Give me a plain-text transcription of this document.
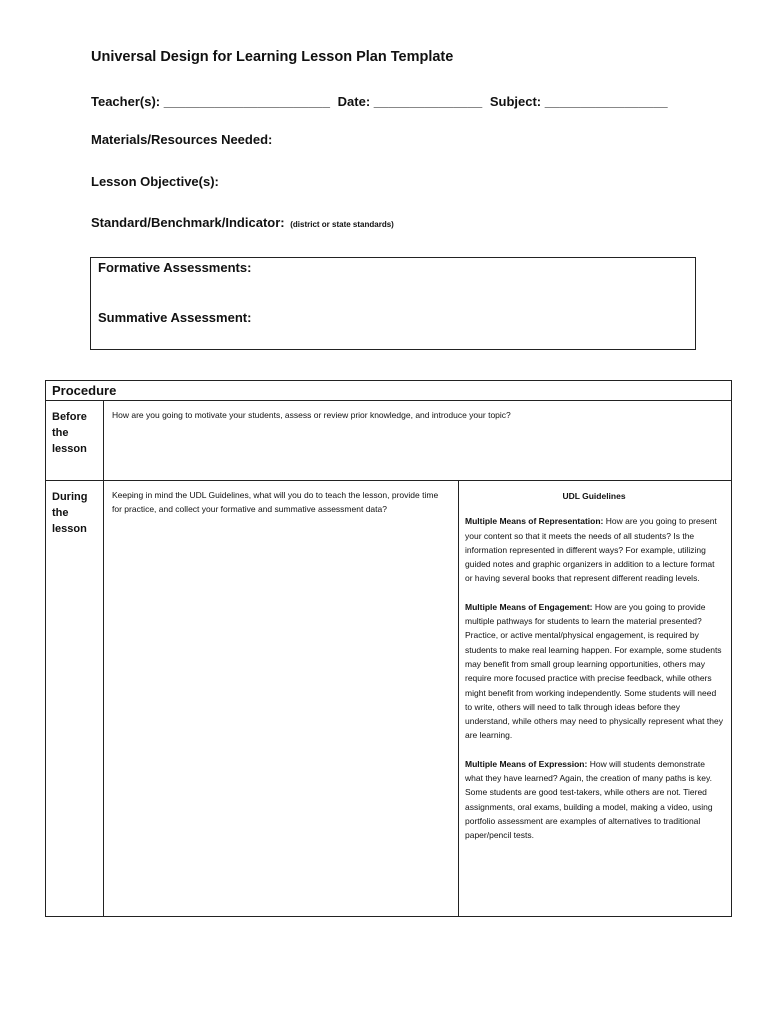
Universal Design for Learning Lesson Plan Template
Teacher(s): _______________________ Date: _______________ Subject: _________________
Materials/Resources Needed:
Lesson Objective(s):
Standard/Benchmark/Indicator: (district or state standards)
Formative Assessments:
Summative Assessment:
Procedure		
Before the lesson	How are you going to motivate your students, assess or review prior knowledge, and introduce your topic?	
During the lesson	Keeping in mind the UDL Guidelines, what will you do to teach the lesson, provide time for practice, and collect your formative and summative assessment data?	UDL Guidelines

Multiple Means of Representation: How are you going to present your content so that it meets the needs of all students? Is the information represented in different ways? For example, utilizing guided notes and graphic organizers in addition to a lecture format or having several books that represent different reading levels.

Multiple Means of Engagement: How are you going to provide multiple pathways for students to learn the material presented? Practice, or active mental/physical engagement, is required by students to make real learning happen. For example, some students may benefit from small group learning opportunities, others may require more focused practice with precise feedback, while others might benefit from working independently. Some students will need to write, others will need to talk through ideas before they understand, while others may need to physically represent what they are learning.

Multiple Means of Expression: How will students demonstrate what they have learned? Again, the creation of many paths is key. Some students are good test-takers, while others are not. Tiered assignments, oral exams, building a model, making a video, using portfolio assessment are examples of alternatives to traditional paper/pencil tests.
